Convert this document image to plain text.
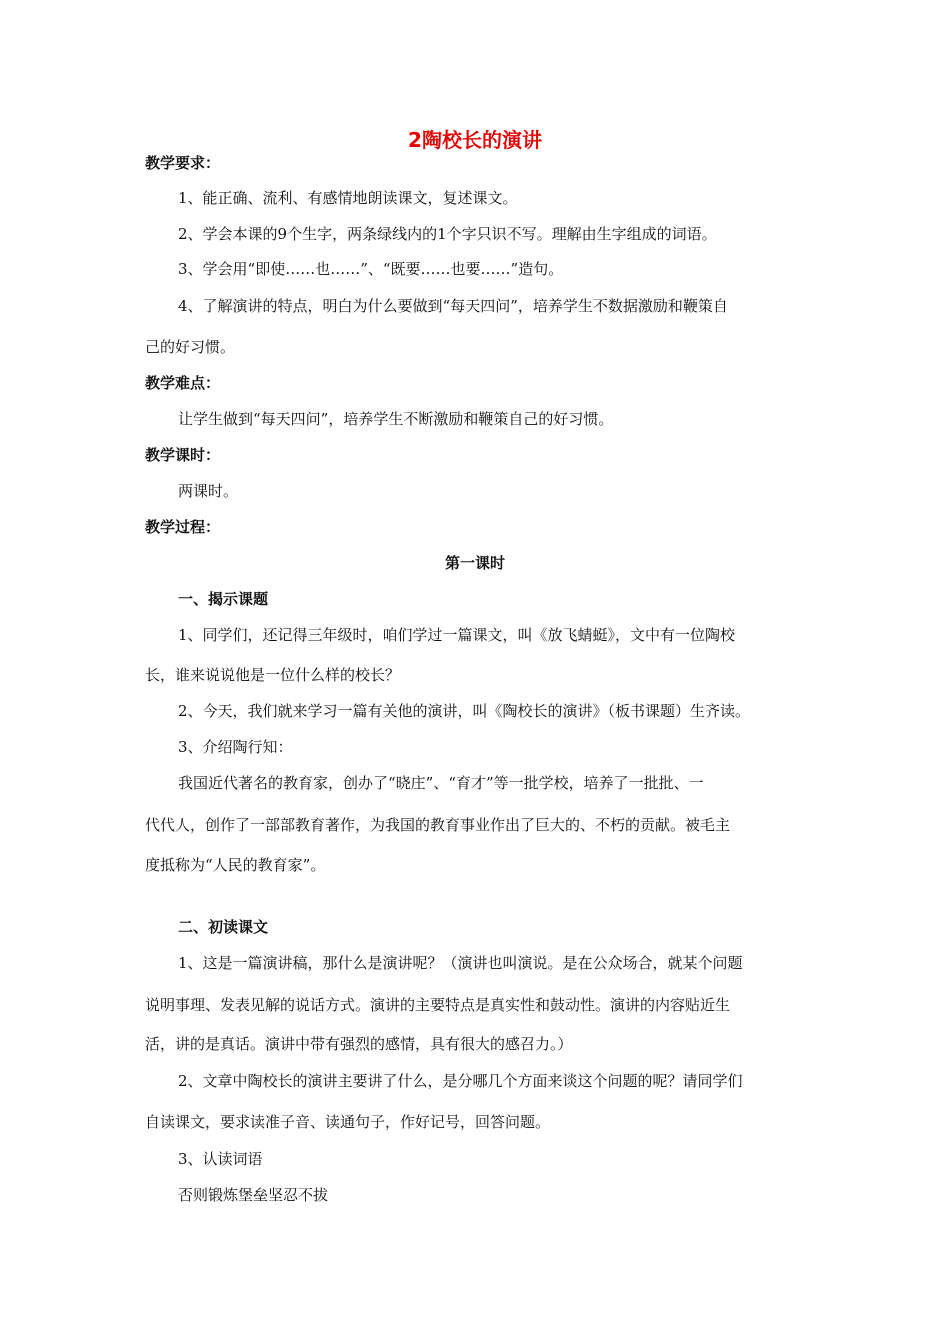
2陶校长的演讲
教学要求：
1、能正确、流利、有感情地朗读课文，复述课文。
2、学会本课的9个生字，两条绿线内的1个字只识不写。理解由生字组成的词语。
3、学会用“即使……也……”、“既要……也要……”造句。
4、了解演讲的特点，明白为什么要做到“每天四问”，培养学生不数据激励和鞭策自
己的好习惯。
教学难点：
让学生做到“每天四问”，培养学生不断激励和鞭策自己的好习惯。
教学课时：
两课时。
教学过程：
第一课时
一、揭示课题
1、同学们，还记得三年级时，咱们学过一篇课文，叫《放飞蜻蜓》，文中有一位陶校
长，谁来说说他是一位什么样的校长？
2、今天，我们就来学习一篇有关他的演讲，叫《陶校长的演讲》（板书课题）生齐读。
3、介绍陶行知：
我国近代著名的教育家，创办了“晓庄”、“育才”等一批学校，培养了一批批、一
代代人，创作了一部部教育著作，为我国的教育事业作出了巨大的、不朽的贡献。被毛主
度抵称为“人民的教育家”。
二、初读课文
1、这是一篇演讲稿，那什么是演讲呢？（演讲也叫演说。是在公众场合，就某个问题
说明事理、发表见解的说话方式。演讲的主要特点是真实性和鼓动性。演讲的内容贴近生
活，讲的是真话。演讲中带有强烈的感情，具有很大的感召力。）
2、文章中陶校长的演讲主要讲了什么，是分哪几个方面来谈这个问题的呢？请同学们
自读课文，要求读准子音、读通句子，作好记号，回答问题。
3、认读词语
否则锻炼堡垒坚忍不拔
